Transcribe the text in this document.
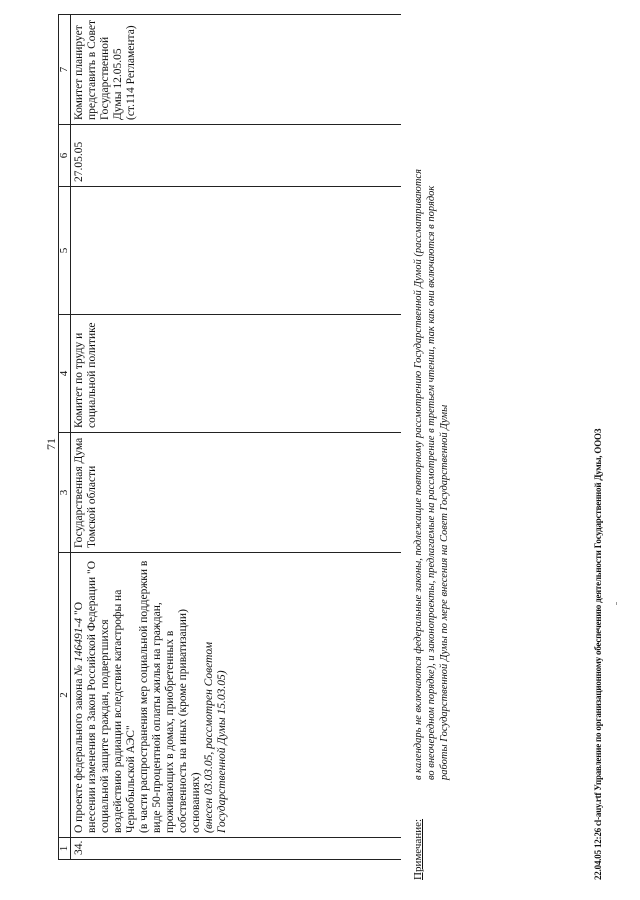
71
1	2	3	4	5	6	7
34.	О проекте федерального закона № 146491-4 "О внесении изменения в Закон Российской Федерации "О социальной защите граждан, подвергшихся воздействию радиации вследствие катастрофы на Чернобыльской АЭС"
(в части распространения мер социальной поддержки в виде 50-процентной оплаты жилья на граждан, проживающих в домах, приобретенных в собственность на иных (кроме приватизации) основаниях)
(внесен 03.03.05, рассмотрен Советом Государственной Думы 15.03.05)	Государственная Дума Томской области	Комитет по труду и социальной политике		27.05.05	Комитет планирует представить в Совет Государственной Думы 12.05.05 (ст.114 Регламента)
Примечание:
в календарь не включаются федеральные законы, подлежащие повторному рассмотрению Государственной Думой (рассматриваются во внеочередном порядке), и законопроекты, предлагаемые на рассмотрение в третьем чтении, так как они включаются в порядок работы Государственной Думы по мере внесения на Совет Государственной Думы	22.04.05 12:26 cl-auy.rtf Управление по организационному обеспечению деятельности Государственной Думы, ОООЗ
